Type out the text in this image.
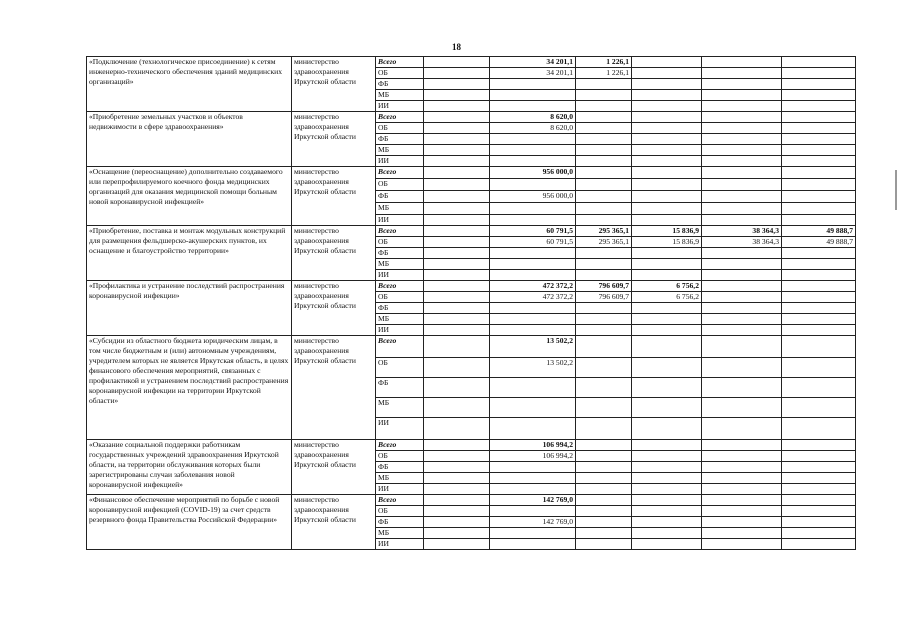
18
«Подключение (технологическое присоединение) к сетям инженерно-технического обеспечения зданий медицинских организаций»	министерство здравоохранения Иркутской области	Всего		34 201,1	1 226,1			
		ОБ		34 201,1	1 226,1			
		ФБ						
		МБ						
		ИИ						
«Приобретение земельных участков и объектов недвижимости в сфере здравоохранения»	министерство здравоохранения Иркутской области	Всего		8 620,0				
		ОБ		8 620,0				
		ФБ						
		МБ						
		ИИ						
«Оснащение (переоснащение) дополнительно создаваемого или перепрофилируемого коечного фонда медицинских организаций для оказания медицинской помощи больным новой коронавирусной инфекцией»	министерство здравоохранения Иркутской области	Всего		956 000,0				
		ОБ						
		ФБ		956 000,0				
		МБ						
		ИИ						
«Приобретение, поставка и монтаж модульных конструкций для размещения фельдшерско-акушерских пунктов, их оснащение и благоустройство территории»	министерство здравоохранения Иркутской области	Всего		60 791,5	295 365,1	15 836,9	38 364,3	49 888,7
		ОБ		60 791,5	295 365,1	15 836,9	38 364,3	49 888,7
		ФБ						
		МБ						
		ИИ						
«Профилактика и устранение последствий распространения коронавирусной инфекции»	министерство здравоохранения Иркутской области	Всего		472 372,2	796 609,7	6 756,2		
		ОБ		472 372,2	796 609,7	6 756,2		
		ФБ						
		МБ						
		ИИ						
«Субсидии из областного бюджета юридическим лицам, в том числе бюджетным и (или) автономным учреждениям, учредителем которых не является Иркутская область, в целях финансового обеспечения мероприятий, связанных с профилактикой и устранением последствий распространения коронавирусной инфекции на территории Иркутской области»	министерство здравоохранения Иркутской области	Всего		13 502,2				
		ОБ		13 502,2				
		ФБ						
		МБ						
		ИИ						
«Оказание социальной поддержки работникам государственных учреждений здравоохранения Иркутской области, на территории обслуживания которых были зарегистрированы случаи заболевания новой коронавирусной инфекцией»	министерство здравоохранения Иркутской области	Всего		106 994,2				
		ОБ		106 994,2				
		ФБ						
		МБ						
		ИИ						
«Финансовое обеспечение мероприятий по борьбе с новой коронавирусной инфекцией (COVID-19) за счет средств резервного фонда Правительства Российской Федерации»	министерство здравоохранения Иркутской области	Всего		142 769,0				
		ОБ						
		ФБ		142 769,0				
		МБ						
		ИИ						
